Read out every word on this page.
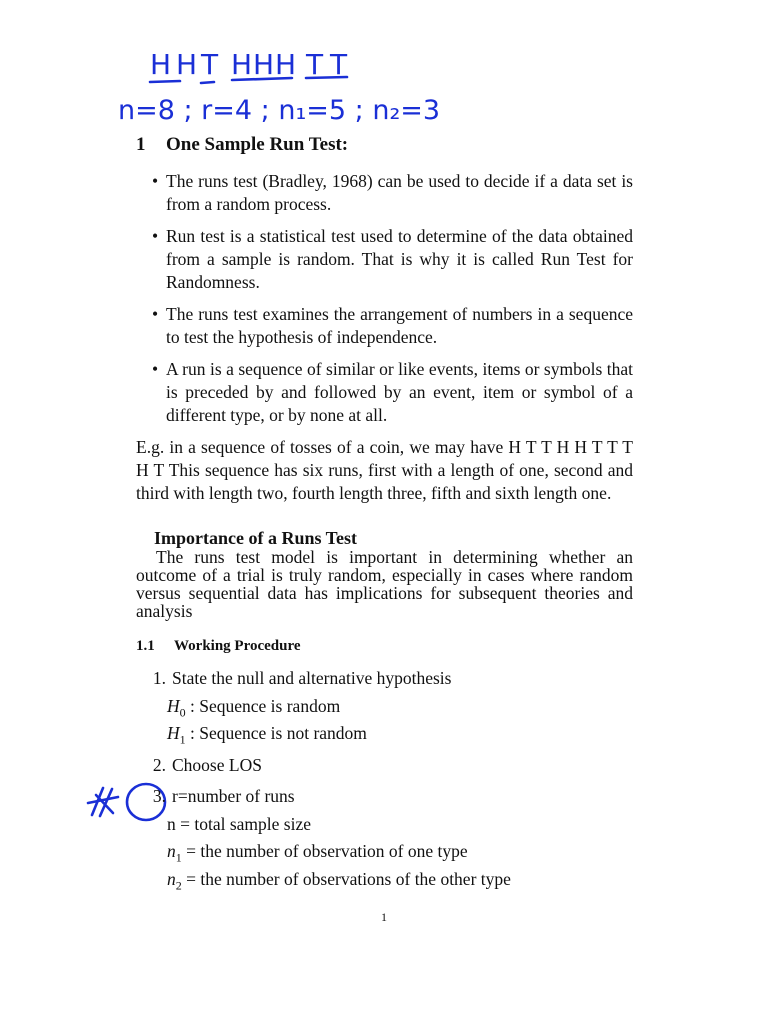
H H T H H H T T
n=8 ; r=4 ; n₁=5 ; n₂=3
1 One Sample Run Test:
• The runs test (Bradley, 1968) can be used to decide if a data set is from a random process.
• Run test is a statistical test used to determine of the data obtained from a sample is random. That is why it is called Run Test for Randomness.
• The runs test examines the arrangement of numbers in a sequence to test the hypothesis of independence.
• A run is a sequence of similar or like events, items or symbols that is preceded by and followed by an event, item or symbol of a different type, or by none at all.

E.g. in a sequence of tosses of a coin, we may have H T T H H T T T H T This sequence has six runs, first with a length of one, second and third with length two, fourth length three, fifth and sixth length one.

Importance of a Runs Test

The runs test model is important in determining whether an outcome of a trial is truly random, especially in cases where random versus sequential data has implications for subsequent theories and analysis

1.1 Working Procedure
1. State the null and alternative hypothesis
$H_0$ : Sequence is random
$H_1$ : Sequence is not random
2. Choose LOS
3. r=number of runs
n = total sample size
$n_1$ = the number of observation of one type
$n_2$ = the number of observations of the other type
1
